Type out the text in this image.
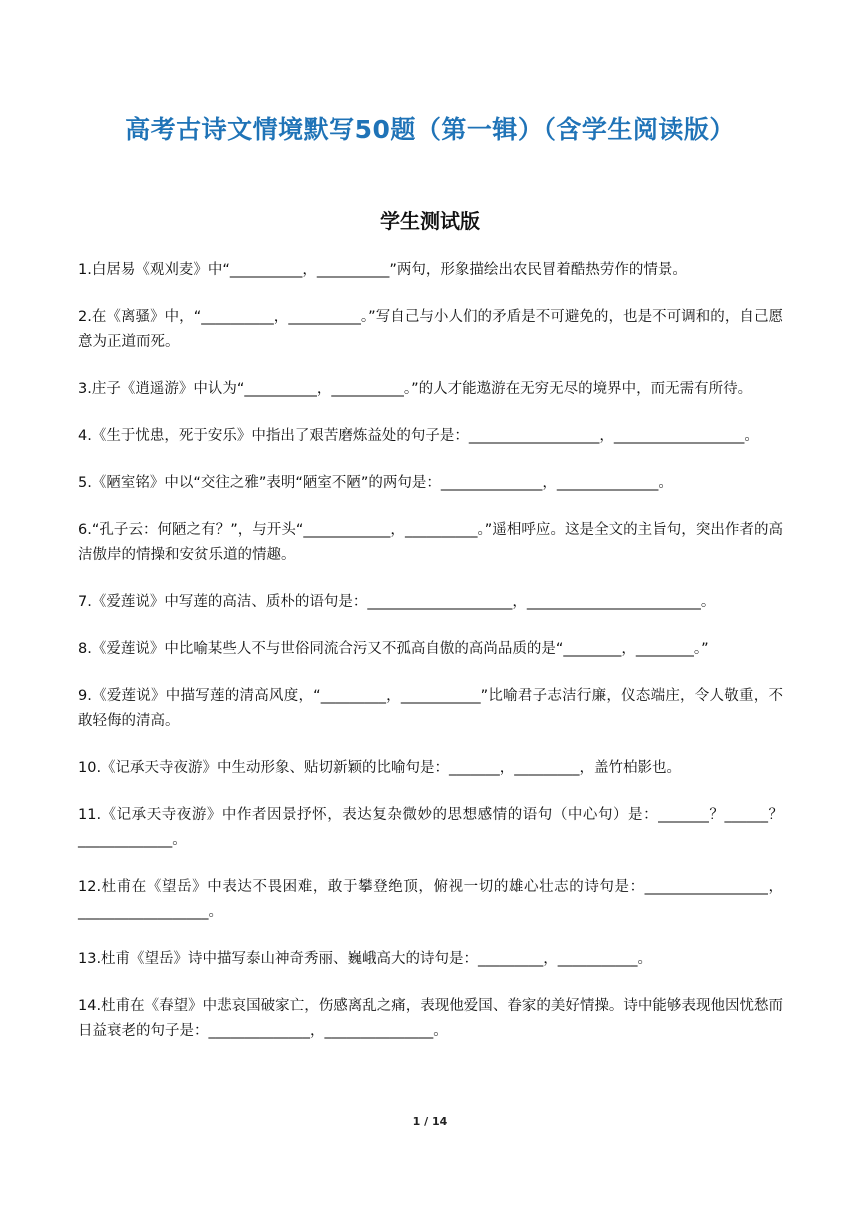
高考古诗文情境默写50题（第一辑）（含学生阅读版）
学生测试版

1.白居易《观刈麦》中“__________，__________”两句，形象描绘出农民冒着酷热劳作的情景。

2.在《离骚》中，“__________，__________。”写自己与小人们的矛盾是不可避免的，也是不可调和的，自己愿意为正道而死。

3.庄子《逍遥游》中认为“__________，__________。”的人才能遨游在无穷无尽的境界中，而无需有所待。

4.《生于忧患，死于安乐》中指出了艰苦磨炼益处的句子是：__________________，__________________。

5.《陋室铭》中以“交往之雅”表明“陋室不陋”的两句是：______________，______________。

6.“孔子云：何陋之有？”，与开头“____________，__________。”遥相呼应。这是全文的主旨句，突出作者的高洁傲岸的情操和安贫乐道的情趣。

7.《爱莲说》中写莲的高洁、质朴的语句是：____________________，________________________。

8.《爱莲说》中比喻某些人不与世俗同流合污又不孤高自傲的高尚品质的是“________，________。”

9.《爱莲说》中描写莲的清高风度，“_________，___________”比喻君子志洁行廉，仪态端庄，令人敬重，不敢轻侮的清高。

10.《记承天寺夜游》中生动形象、贴切新颖的比喻句是：_______，_________，盖竹柏影也。

11.《记承天寺夜游》中作者因景抒怀，表达复杂微妙的思想感情的语句（中心句）是：_______？______？_____________。

12.杜甫在《望岳》中表达不畏困难，敢于攀登绝顶，俯视一切的雄心壮志的诗句是：_________________，__________________。

13.杜甫《望岳》诗中描写泰山神奇秀丽、巍峨高大的诗句是：_________，___________。

14.杜甫在《春望》中悲哀国破家亡，伤感离乱之痛，表现他爱国、眷家的美好情操。诗中能够表现他因忧愁而日益衰老的句子是：______________，_______________。

1 / 14
